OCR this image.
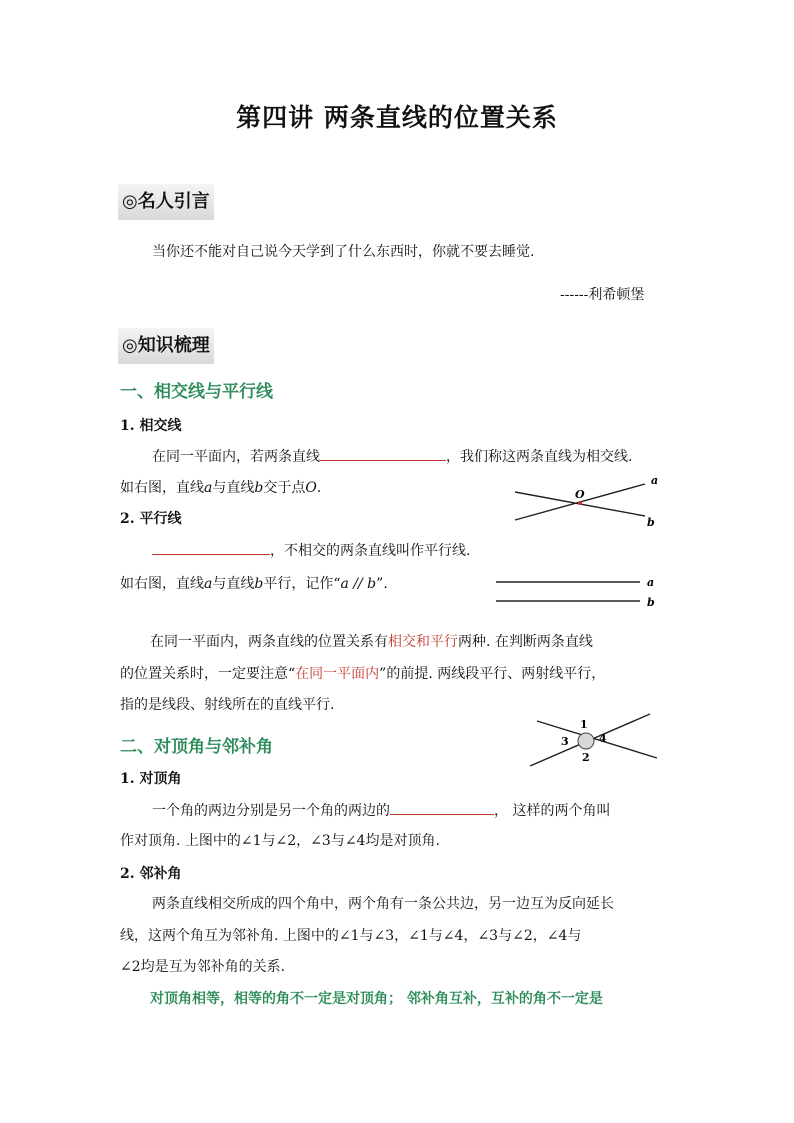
第四讲 两条直线的位置关系
◎名人引言
当你还不能对自己说今天学到了什么东西时，你就不要去睡觉.
------利希顿堡
◎知识梳理
一、相交线与平行线
1. 相交线
在同一平面内，若两条直线	，我们称这两条直线为相交线.
如右图，直线a与直线b交于点O.	O
a
b
2. 平行线
，不相交的两条直线叫作平行线.
如右图，直线a与直线b平行，记作“a // b”.	a
b
在同一平面内，两条直线的位置关系有相交和平行两种. 在判断两条直线
的位置关系时，一定要注意“在同一平面内”的前提. 两线段平行、两射线平行，
指的是线段、射线所在的直线平行.
二、对顶角与邻补角
1
2
3	4
1. 对顶角
一个角的两边分别是另一个角的两边的	， 这样的两个角叫
作对顶角. 上图中的∠1与∠2，∠3与∠4均是对顶角.
2. 邻补角
两条直线相交所成的四个角中，两个角有一条公共边，另一边互为反向延长
线，这两个角互为邻补角. 上图中的∠1与∠3，∠1与∠4，∠3与∠2，∠4与
∠2均是互为邻补角的关系.
对顶角相等，相等的角不一定是对顶角； 邻补角互补，互补的角不一定是
